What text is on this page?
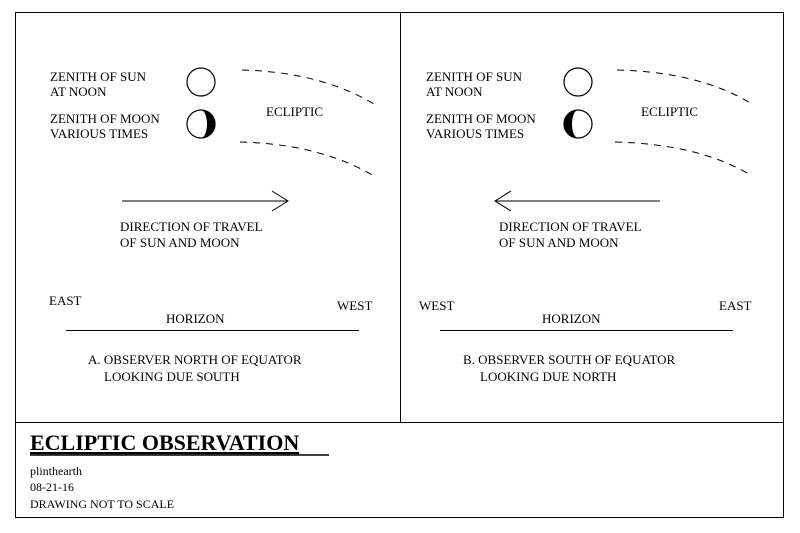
ZENITH OF SUN
AT NOON
ZENITH OF MOON
VARIOUS TIMES
ECLIPTIC
DIRECTION OF TRAVEL
OF SUN AND MOON
EAST	WEST
HORIZON
A. OBSERVER NORTH OF EQUATOR
LOOKING DUE SOUTH
ZENITH OF SUN
AT NOON
ZENITH OF MOON
VARIOUS TIMES
ECLIPTIC
DIRECTION OF TRAVEL
OF SUN AND MOON
WEST	EAST
HORIZON
B. OBSERVER SOUTH OF EQUATOR
LOOKING DUE NORTH
ECLIPTIC OBSERVATION
plinthearth
08-21-16
DRAWING NOT TO SCALE
